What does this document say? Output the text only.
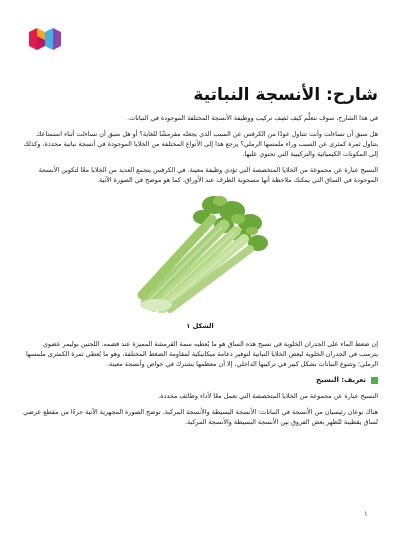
شارح: الأنسجة النباتية

في هذا الشارح، سوف نتعلَّم كيف نَصِف تركيب ووظيفة الأنسجة المختلفة الموجودة في النباتات.

هل سبق أن تساءلت وأنت تتناول عودًا من الكرفس عن السبب الذي يجعله مقرمشًا للغاية؟ أو هل سبق أن تساءلت أثناء استمتاعك بتناول ثمرة كمثرى عن السبب وراء ملمسها الرملي؟ يرجع هذا إلى الأنواع المختلفة من الخلايا الموجودة في أنسجة نباتية محددة، وكذلك إلى المكونات الكيميائية والتركيبية التي تحتوي عليها.

النسيج عبارة عن مجموعة من الخلايا المتخصصة التي تؤدي وظيفة معينة. في الكرفس يتجمع العديد من الخلايا معًا لتكوين الأنسجة الموجودة في الساق التي يمكنك ملاحظة أنها مسحوبة الطرف عند الأوراق، كما هو موضح في الصورة الآتية.

الشكل ١

إن ضغط الماء على الجدران الخلوية في نسيج هذه الساق هو ما يُعطيه سمة القرمشة المميزة عند قضمه. اللجنين بوليمر عضوي يترسب في الجدران الخلوية لبعض الخلايا النباتية لتوفير دعامة ميكانيكية لمقاومة الضغط المختلفة، وهو ما يُعطي ثمرة الكمثرى ملمسها الرملي؛ وتتنوع النباتات بشكل كبير في تركيبها الداخلي، إلا أن معظمها يشترك في خواص وأنسجة معينة.

تعريف: النسيج

النسيج عبارة عن مجموعة من الخلايا المتخصصة التي تعمل معًا لأداء وظائف محددة.

هناك نوعان رئيسيان من الأنسجة في النباتات: الأنسجة البسيطة والأنسجة المركبة. توضح الصورة المجهرية الآتية جزءًا من مقطع عرضي لساق يقطينة لتُظهر بعض الفروق بين الأنسجة البسيطة والأنسجة المركبة.

١
